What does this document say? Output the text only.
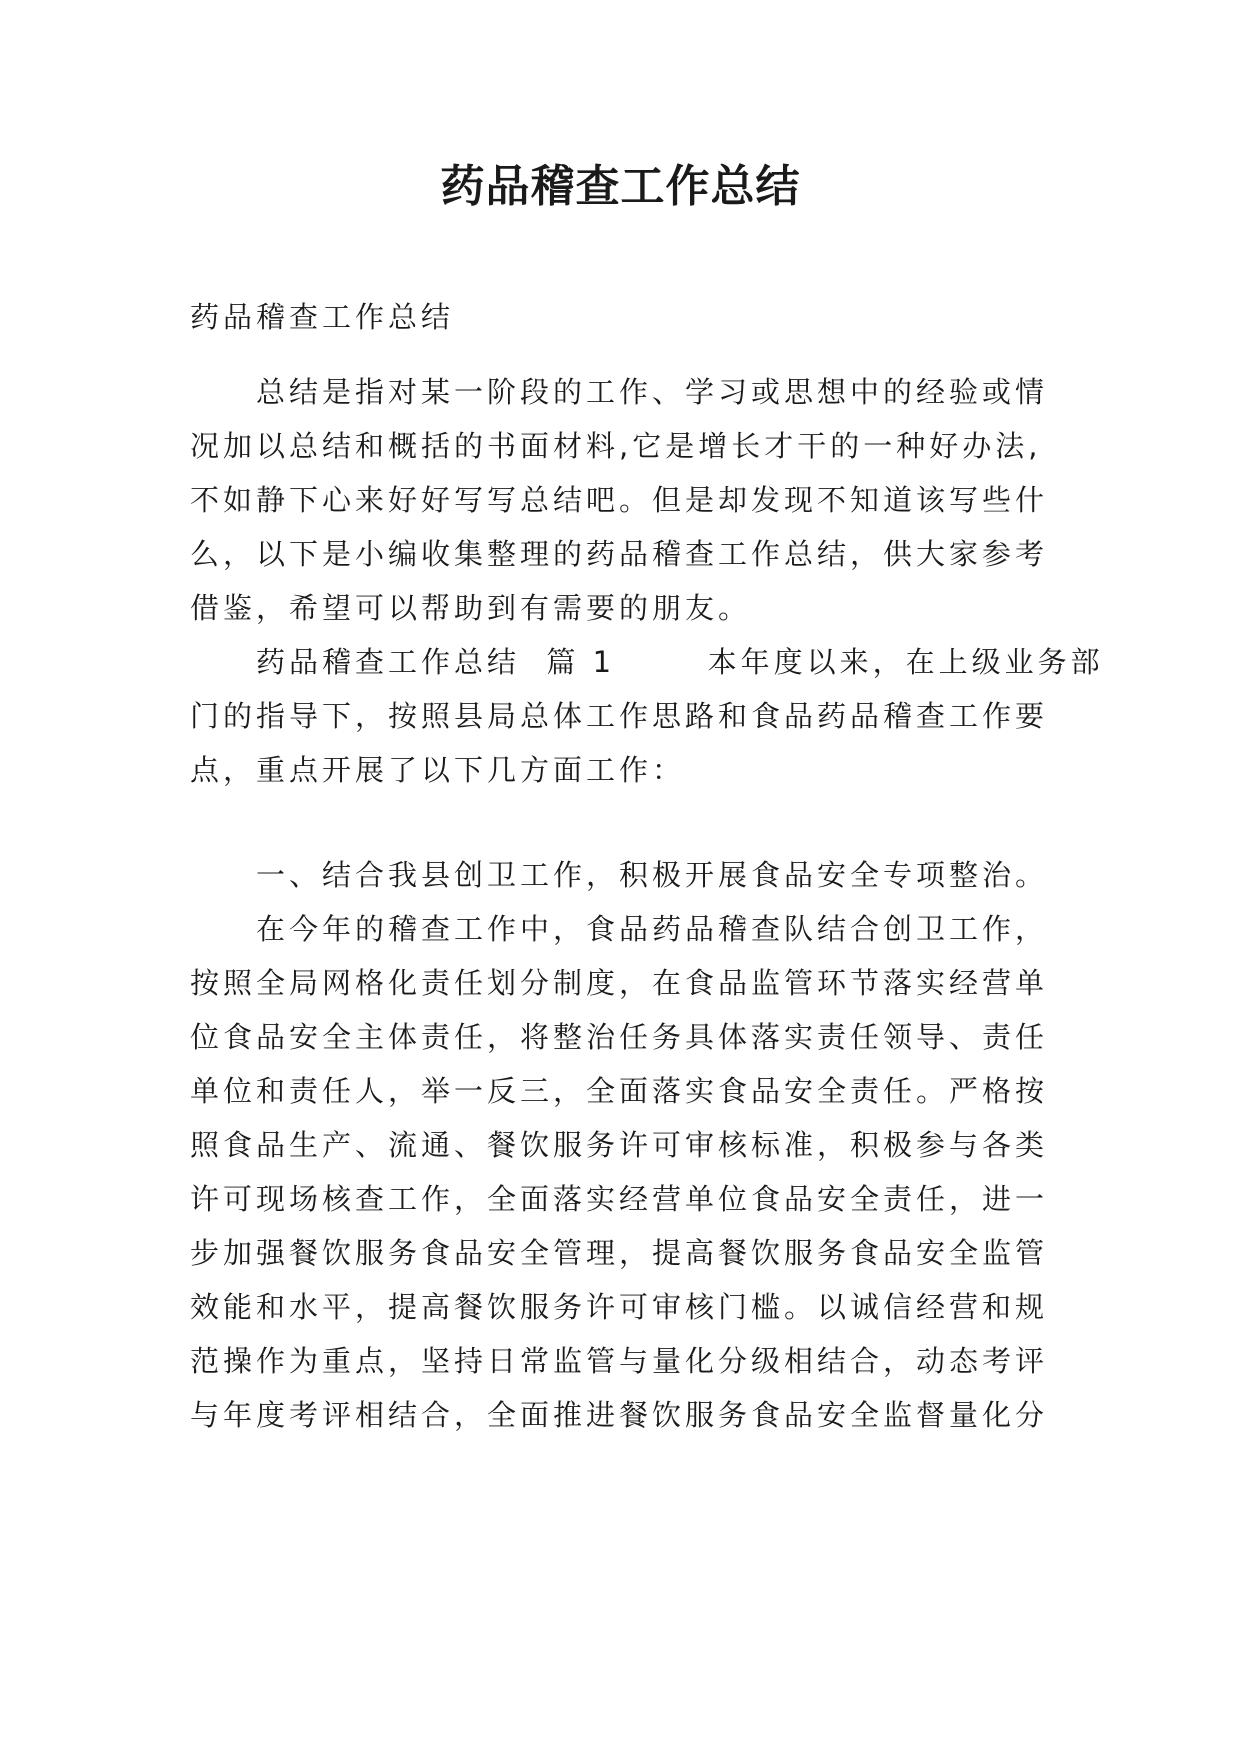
药品稽查工作总结
药品稽查工作总结
总结是指对某一阶段的工作、学习或思想中的经验或情
况加以总结和概括的书面材料,它是增长才干的一种好办法,
不如静下心来好好写写总结吧。但是却发现不知道该写些什
么，以下是小编收集整理的药品稽查工作总结，供大家参考
借鉴，希望可以帮助到有需要的朋友。
药品稽查工作总结  篇 1       本年度以来，在上级业务部
门的指导下，按照县局总体工作思路和食品药品稽查工作要
点，重点开展了以下几方面工作：
一、结合我县创卫工作，积极开展食品安全专项整治。
在今年的稽查工作中，食品药品稽查队结合创卫工作，
按照全局网格化责任划分制度，在食品监管环节落实经营单
位食品安全主体责任，将整治任务具体落实责任领导、责任
单位和责任人，举一反三，全面落实食品安全责任。严格按
照食品生产、流通、餐饮服务许可审核标准，积极参与各类
许可现场核查工作，全面落实经营单位食品安全责任，进一
步加强餐饮服务食品安全管理，提高餐饮服务食品安全监管
效能和水平，提高餐饮服务许可审核门槛。以诚信经营和规
范操作为重点，坚持日常监管与量化分级相结合，动态考评
与年度考评相结合，全面推进餐饮服务食品安全监督量化分
